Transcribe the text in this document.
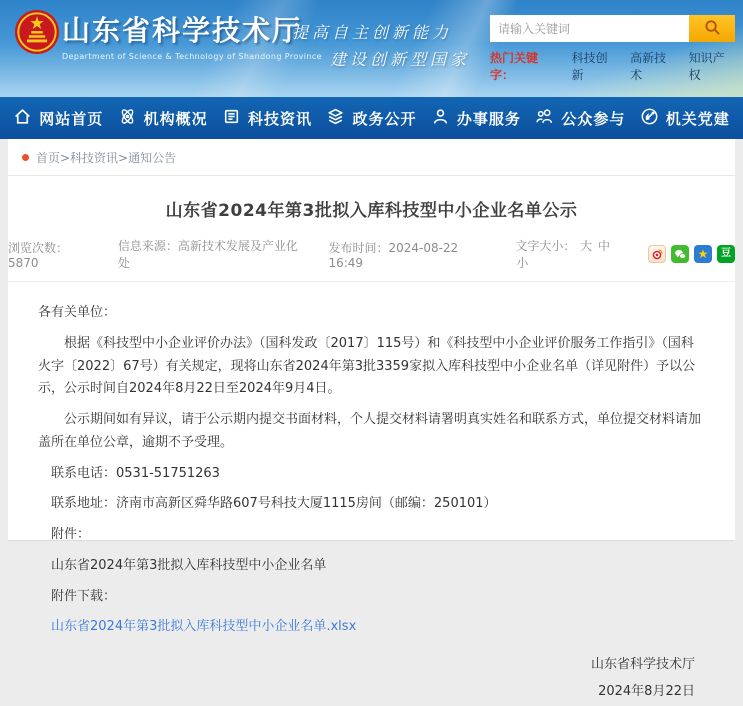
山东省科学技术厅
Department of Science & Technology of Shandong Province
提高自主创新能力
建设创新型国家
请输入关键词 热门关键字：
科技创新
高新技术
知识产权
网站首页	机构概况	科技资讯	政务公开	办事服务	公众参与	机关党建
首页>科技资讯>通知公告
山东省2024年第3批拟入库科技型中小企业名单公示
浏览次数：5870
信息来源：高新技术发展及产业化处
发布时间：2024-08-22 16:49
文字大小： 大 中 小
★	豆

各有关单位：

根据《科技型中小企业评价办法》（国科发政〔2017〕115号）和《科技型中小企业评价服务工作指引》（国科火字〔2022〕67号）有关规定，现将山东省2024年第3批3359家拟入库科技型中小企业名单（详见附件）予以公示，公示时间自2024年8月22日至2024年9月4日。

公示期间如有异议，请于公示期内提交书面材料，个人提交材料请署明真实姓名和联系方式，单位提交材料请加盖所在单位公章，逾期不予受理。

联系电话：0531-51751263

联系地址：济南市高新区舜华路607号科技大厦1115房间（邮编：250101）

附件：

山东省2024年第3批拟入库科技型中小企业名单

附件下载：

山东省2024年第3批拟入库科技型中小企业名单.xlsx

山东省科学技术厅
2024年8月22日
